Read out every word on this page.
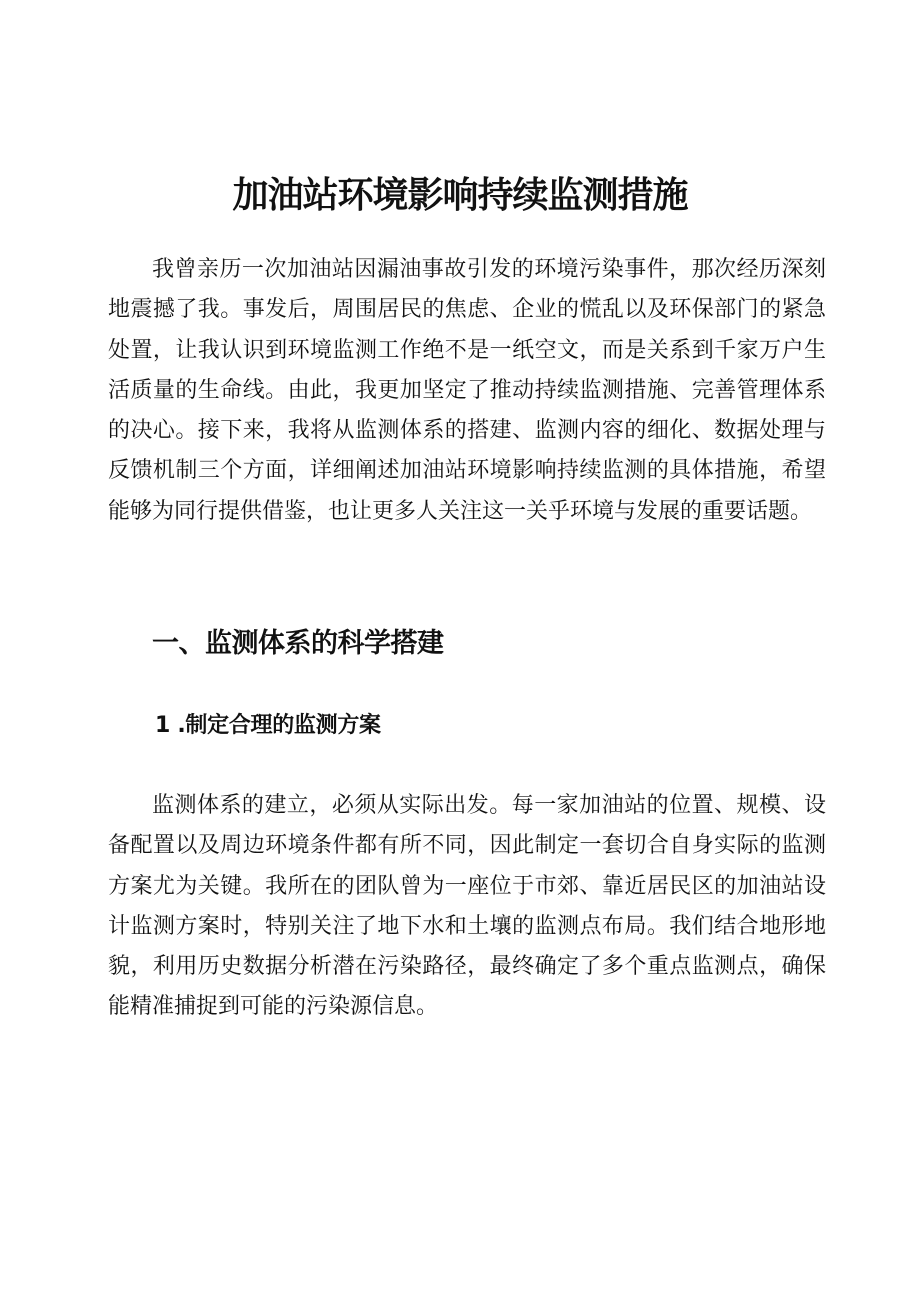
加油站环境影响持续监测措施

我曾亲历一次加油站因漏油事故引发的环境污染事件，那次经历深刻地震撼了我。事发后，周围居民的焦虑、企业的慌乱以及环保部门的紧急处置，让我认识到环境监测工作绝不是一纸空文，而是关系到千家万户生活质量的生命线。由此，我更加坚定了推动持续监测措施、完善管理体系的决心。接下来，我将从监测体系的搭建、监测内容的细化、数据处理与反馈机制三个方面，详细阐述加油站环境影响持续监测的具体措施，希望能够为同行提供借鉴，也让更多人关注这一关乎环境与发展的重要话题。

一、监测体系的科学搭建
1 .制定合理的监测方案

监测体系的建立，必须从实际出发。每一家加油站的位置、规模、设备配置以及周边环境条件都有所不同，因此制定一套切合自身实际的监测方案尤为关键。我所在的团队曾为一座位于市郊、靠近居民区的加油站设计监测方案时，特别关注了地下水和土壤的监测点布局。我们结合地形地貌，利用历史数据分析潜在污染路径，最终确定了多个重点监测点，确保能精准捕捉到可能的污染源信息。
